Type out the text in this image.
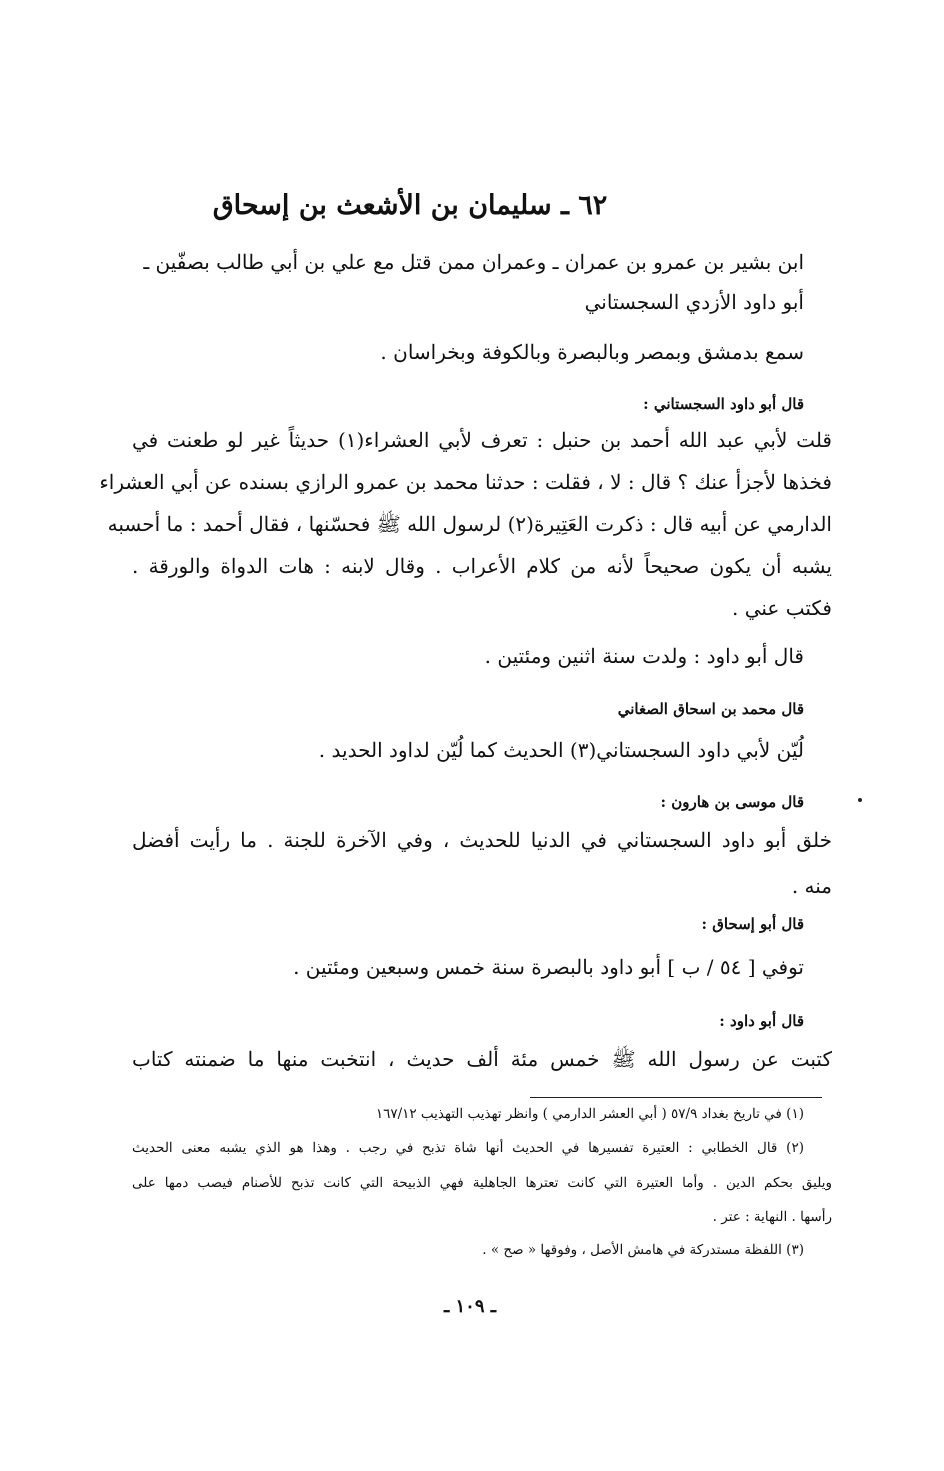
٦٢ ـ سليمان بن الأشعث بن إسحاق
ابن بشير بن عمرو بن عمران ـ وعمران ممن قتل مع علي بن أبي طالب بصفّين ـ
أبو داود الأزدي السجستاني
سمع بدمشق وبمصر وبالبصرة وبالكوفة وبخراسان .
قال أبو داود السجستاني :
قلت لأبي عبد الله أحمد بن حنبل : تعرف لأبي العشراء(١) حديثاً غير لو طعنت في
فخذها لأجزأ عنك ؟ قال : لا ، فقلت : حدثنا محمد بن عمرو الرازي بسنده عن أبي العشراء
الدارمي عن أبيه قال : ذكرت العَتِيرة(٢) لرسول الله ﷺ فحسّنها ، فقال أحمد : ما أحسبه
يشبه أن يكون صحيحاً لأنه من كلام الأعراب . وقال لابنه : هات الدواة والورقة .
فكتب عني .
قال أبو داود : ولدت سنة اثنين ومئتين .
قال محمد بن اسحاق الصغاني
لُيّن لأبي داود السجستاني(٣) الحديث كما لُيّن لداود الحديد .
قال موسى بن هارون :
خلق أبو داود السجستاني في الدنيا للحديث ، وفي الآخرة للجنة . ما رأيت أفضل
منه .
قال أبو إسحاق :
توفي [ ٥٤ / ب ] أبو داود بالبصرة سنة خمس وسبعين ومئتين .
قال أبو داود :
كتبت عن رسول الله ﷺ خمس مئة ألف حديث ، انتخبت منها ما ضمنته كتاب
(١) في تاريخ بغداد ٥٧/٩ ( أبي العشر الدارمي ) وانظر تهذيب التهذيب ١٦٧/١٢
(٢) قال الخطابي : العتيرة تفسيرها في الحديث أنها شاة تذبح في رجب . وهذا هو الذي يشبه معنى الحديث
ويليق بحكم الدين . وأما العتيرة التي كانت تعترها الجاهلية فهي الذبيحة التي كانت تذبح للأصنام فيصب دمها على
رأسها . النهاية : عتر .
(٣) اللفظة مستدركة في هامش الأصل ، وفوقها « صح » .
ـ ١٠٩ ـ
